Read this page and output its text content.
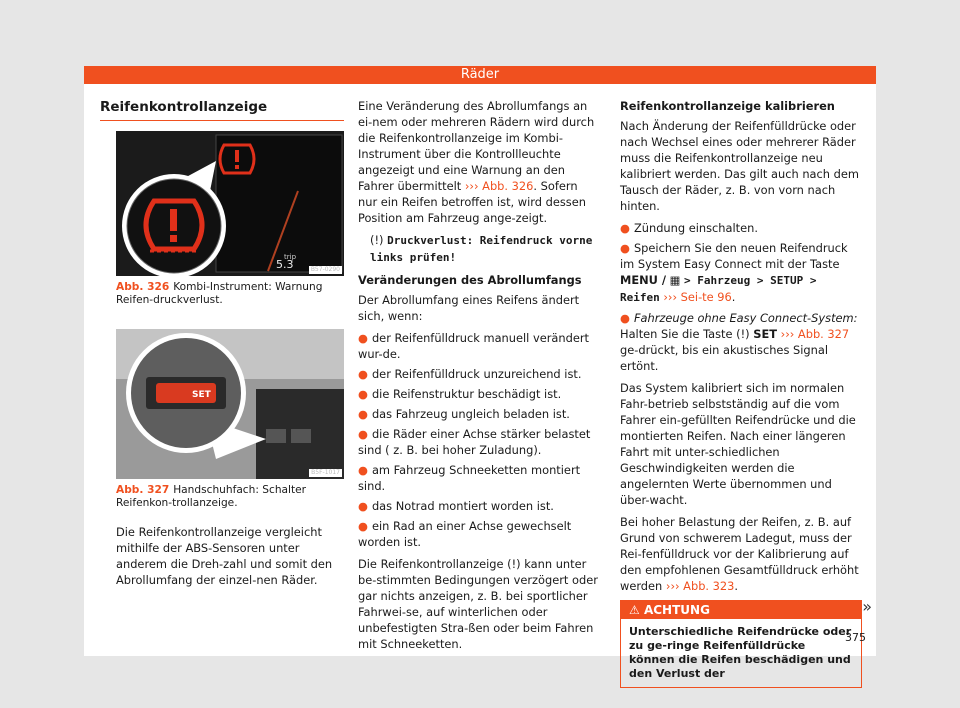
Räder
Reifenkontrollanzeige
trip
5.3	B57-0290
Abb. 326 Kombi-Instrument: Warnung Reifen-druckverlust.
SET
B5F-1017
Abb. 327 Handschuhfach: Schalter Reifenkon-trollanzeige.

Die Reifenkontrollanzeige vergleicht mithilfe der ABS-Sensoren unter anderem die Dreh-zahl und somit den Abrollumfang der einzel-nen Räder.

Eine Veränderung des Abrollumfangs an ei-nem oder mehreren Rädern wird durch die Reifenkontrollanzeige im Kombi-Instrument über die Kontrollleuchte angezeigt und eine Warnung an den Fahrer übermittelt ››› Abb. 326. Sofern nur ein Reifen betroffen ist, wird dessen Position am Fahrzeug ange-zeigt.

(!) Druckverlust: Reifendruck vorne links prüfen!

Veränderungen des Abrollumfangs

Der Abrollumfang eines Reifens ändert sich, wenn:

● der Reifenfülldruck manuell verändert wur-de.
● der Reifenfülldruck unzureichend ist.
● die Reifenstruktur beschädigt ist.
● das Fahrzeug ungleich beladen ist.
● die Räder einer Achse stärker belastet sind ( z. B. bei hoher Zuladung).
● am Fahrzeug Schneeketten montiert sind.
● das Notrad montiert worden ist.
● ein Rad an einer Achse gewechselt worden ist.

Die Reifenkontrollanzeige (!) kann unter be-stimmten Bedingungen verzögert oder gar nichts anzeigen, z. B. bei sportlicher Fahrwei-se, auf winterlichen oder unbefestigten Stra-ßen oder beim Fahren mit Schneeketten.

Reifenkontrollanzeige kalibrieren

Nach Änderung der Reifenfülldrücke oder nach Wechsel eines oder mehrerer Räder muss die Reifenkontrollanzeige neu kalibriert werden. Das gilt auch nach dem Tausch der Räder, z. B. von vorn nach hinten.

● Zündung einschalten.
● Speichern Sie den neuen Reifendruck im System Easy Connect mit der Taste MENU / ▦ > Fahrzeug > SETUP > Reifen ››› Sei-te 96.
● Fahrzeuge ohne Easy Connect-System:
Halten Sie die Taste (!) SET ››› Abb. 327 ge-drückt, bis ein akustisches Signal ertönt.

Das System kalibriert sich im normalen Fahr-betrieb selbstständig auf die vom Fahrer ein-gefüllten Reifendrücke und die montierten Reifen. Nach einer längeren Fahrt mit unter-schiedlichen Geschwindigkeiten werden die angelernten Werte übernommen und über-wacht.

Bei hoher Belastung der Reifen, z. B. auf Grund von schwerem Ladegut, muss der Rei-fenfülldruck vor der Kalibrierung auf den empfohlenen Gesamtfülldruck erhöht werden ››› Abb. 323.

⚠ ACHTUNG
Unterschiedliche Reifendrücke oder zu ge-ringe Reifenfülldrücke können die Reifen beschädigen und den Verlust der
»
375
